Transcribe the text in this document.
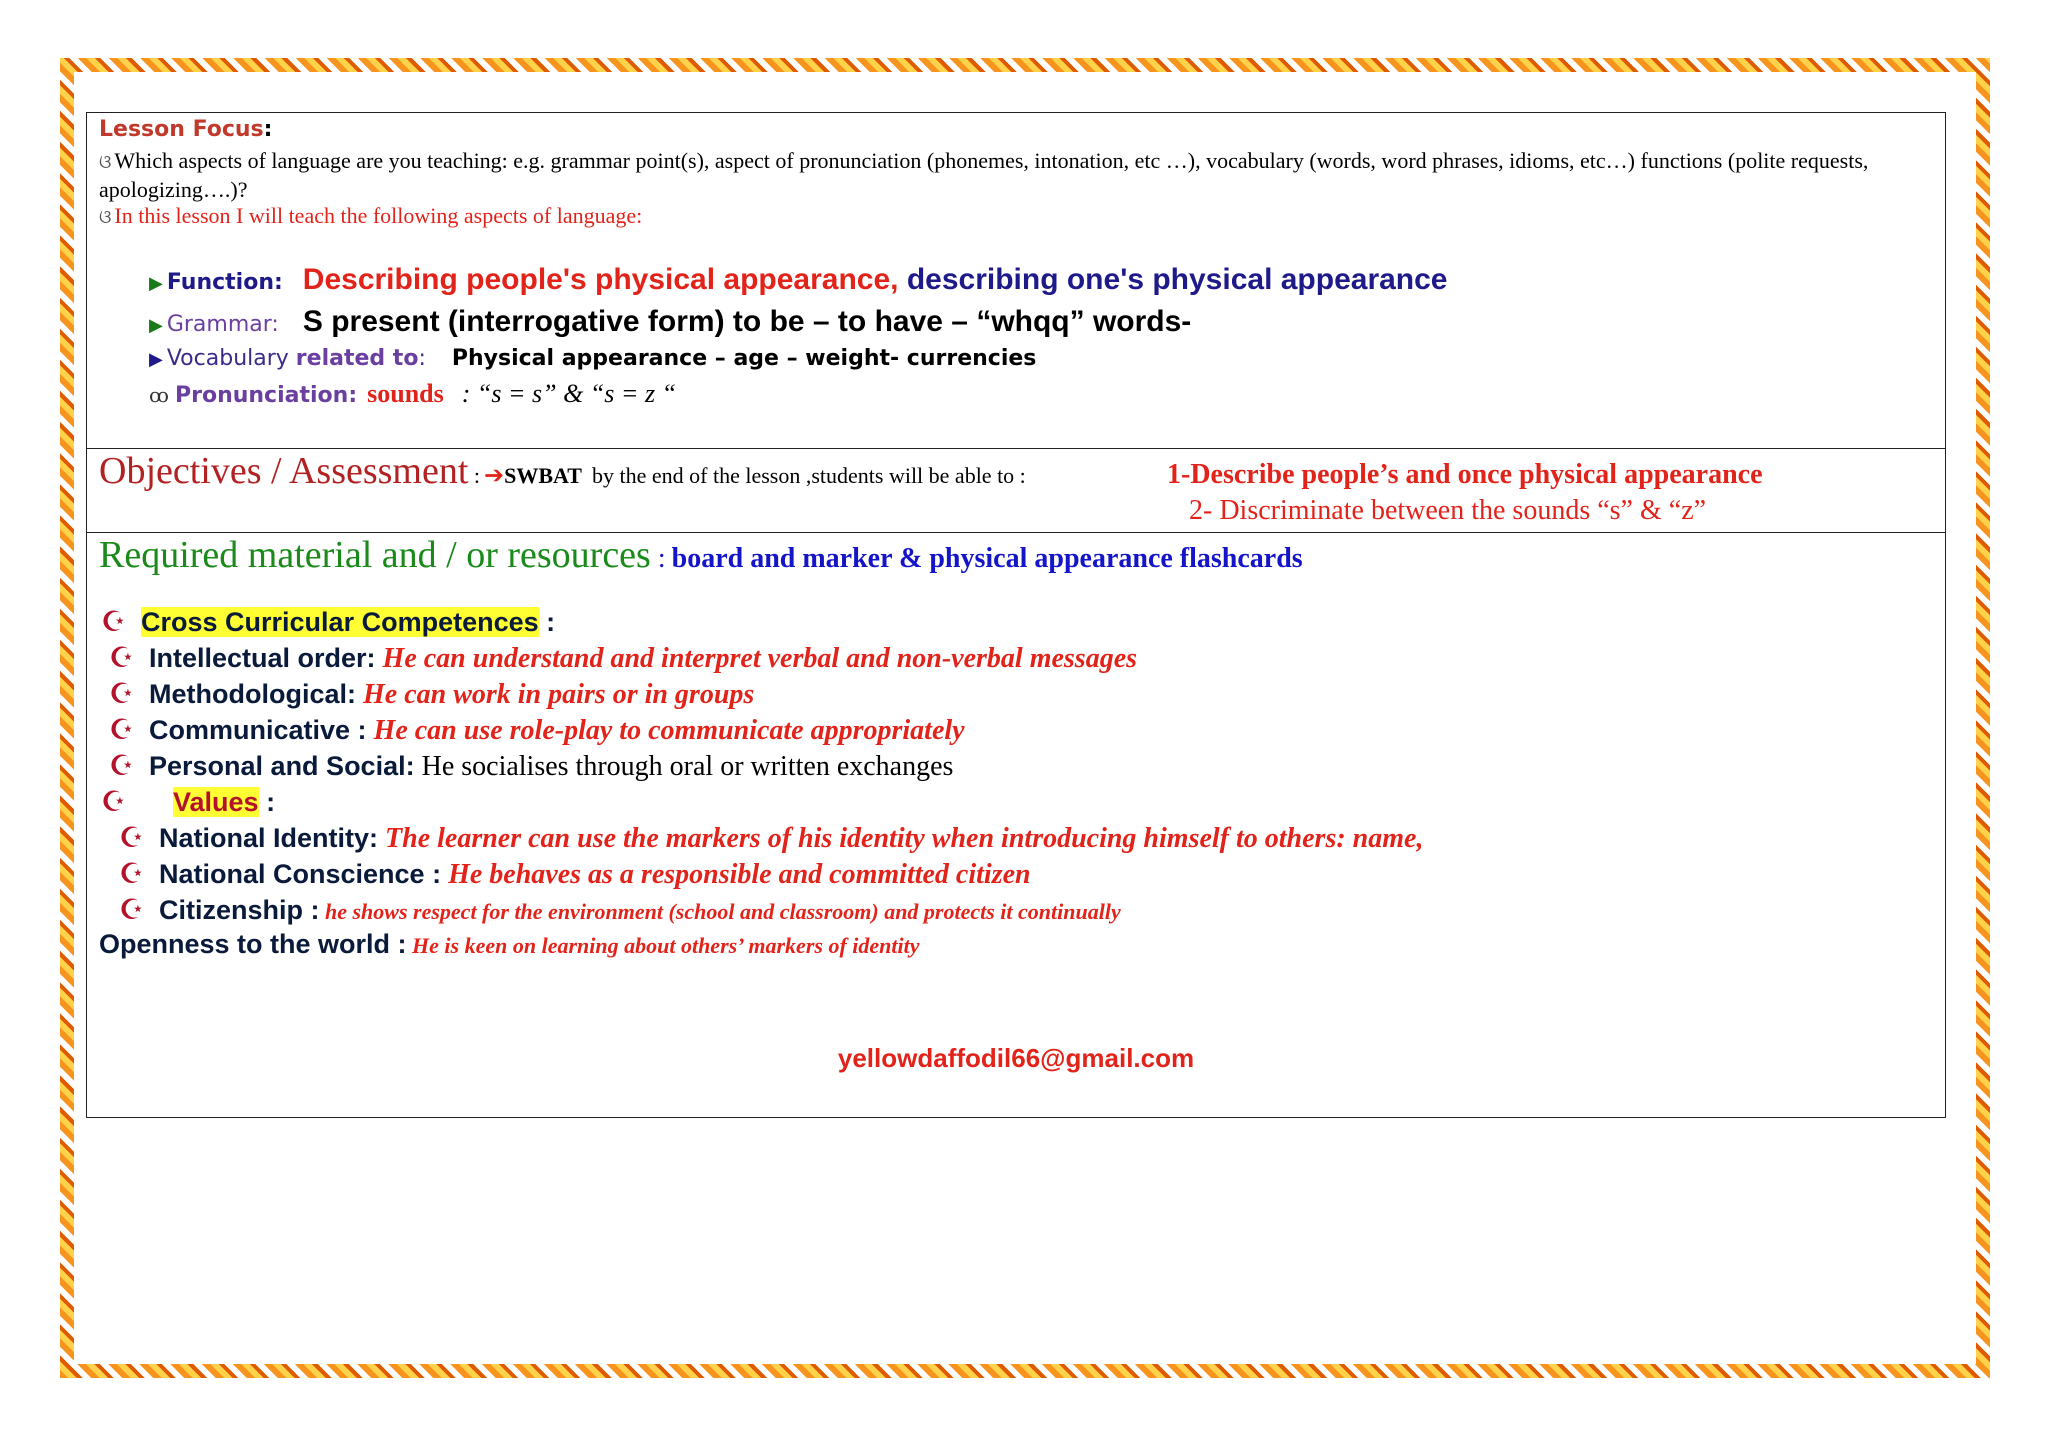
Lesson Focus:
ଓ Which aspects of language are you teaching: e.g. grammar point(s), aspect of pronunciation (phonemes, intonation, etc …), vocabulary (words, word phrases, idioms, etc…) functions (polite requests, apologizing….)?
ଓ In this lesson I will teach the following aspects of language:
▶ Function: Describing people's physical appearance, describing one's physical appearance
▶ Grammar: S present (interrogative form) to be – to have – “whqq” words-
▶ Vocabulary related to: Physical appearance – age – weight- currencies
ꝏ Pronunciation: sounds : “s = s” & “s = z “
Objectives / Assessment : ➔SWBAT by the end of the lesson ,students will be able to :	1-Describe people’s and once physical appearance
2- Discriminate between the sounds “s” & “z”
Required material and / or resources : board and marker & physical appearance flashcards
☪ Cross Curricular Competences :
☪ Intellectual order: He can understand and interpret verbal and non-verbal messages
☪ Methodological: He can work in pairs or in groups
☪ Communicative : He can use role-play to communicate appropriately
☪ Personal and Social: He socialises through oral or written exchanges
☪ Values :
☪ National Identity: The learner can use the markers of his identity when introducing himself to others: name,
☪ National Conscience : He behaves as a responsible and committed citizen
☪ Citizenship : he shows respect for the environment (school and classroom) and protects it continually
Openness to the world : He is keen on learning about others’ markers of identity
yellowdaffodil66@gmail.com
